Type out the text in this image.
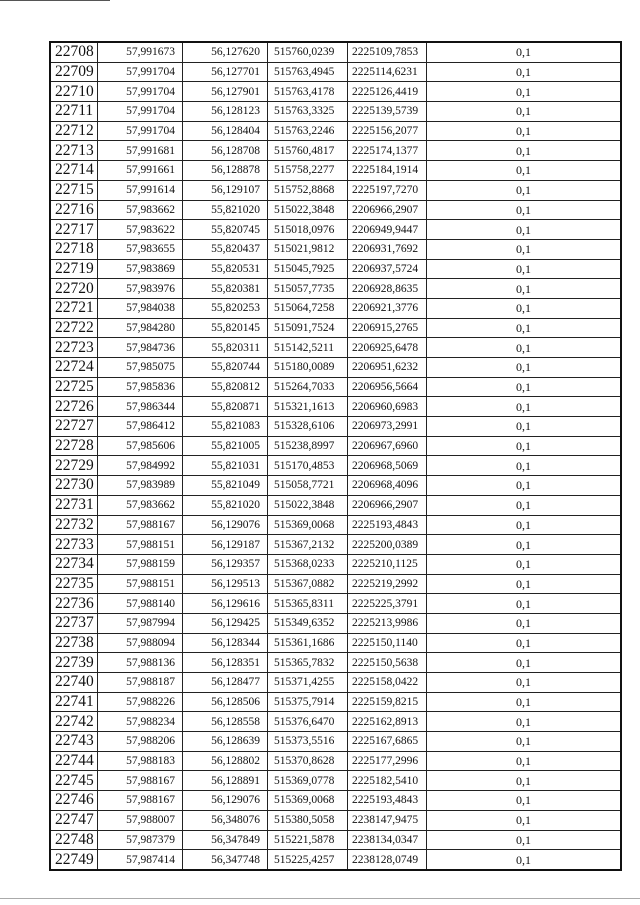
22708	57,991673	56,127620	515760,0239	2225109,7853	0,1
22709	57,991704	56,127701	515763,4945	2225114,6231	0,1
22710	57,991704	56,127901	515763,4178	2225126,4419	0,1
22711	57,991704	56,128123	515763,3325	2225139,5739	0,1
22712	57,991704	56,128404	515763,2246	2225156,2077	0,1
22713	57,991681	56,128708	515760,4817	2225174,1377	0,1
22714	57,991661	56,128878	515758,2277	2225184,1914	0,1
22715	57,991614	56,129107	515752,8868	2225197,7270	0,1
22716	57,983662	55,821020	515022,3848	2206966,2907	0,1
22717	57,983622	55,820745	515018,0976	2206949,9447	0,1
22718	57,983655	55,820437	515021,9812	2206931,7692	0,1
22719	57,983869	55,820531	515045,7925	2206937,5724	0,1
22720	57,983976	55,820381	515057,7735	2206928,8635	0,1
22721	57,984038	55,820253	515064,7258	2206921,3776	0,1
22722	57,984280	55,820145	515091,7524	2206915,2765	0,1
22723	57,984736	55,820311	515142,5211	2206925,6478	0,1
22724	57,985075	55,820744	515180,0089	2206951,6232	0,1
22725	57,985836	55,820812	515264,7033	2206956,5664	0,1
22726	57,986344	55,820871	515321,1613	2206960,6983	0,1
22727	57,986412	55,821083	515328,6106	2206973,2991	0,1
22728	57,985606	55,821005	515238,8997	2206967,6960	0,1
22729	57,984992	55,821031	515170,4853	2206968,5069	0,1
22730	57,983989	55,821049	515058,7721	2206968,4096	0,1
22731	57,983662	55,821020	515022,3848	2206966,2907	0,1
22732	57,988167	56,129076	515369,0068	2225193,4843	0,1
22733	57,988151	56,129187	515367,2132	2225200,0389	0,1
22734	57,988159	56,129357	515368,0233	2225210,1125	0,1
22735	57,988151	56,129513	515367,0882	2225219,2992	0,1
22736	57,988140	56,129616	515365,8311	2225225,3791	0,1
22737	57,987994	56,129425	515349,6352	2225213,9986	0,1
22738	57,988094	56,128344	515361,1686	2225150,1140	0,1
22739	57,988136	56,128351	515365,7832	2225150,5638	0,1
22740	57,988187	56,128477	515371,4255	2225158,0422	0,1
22741	57,988226	56,128506	515375,7914	2225159,8215	0,1
22742	57,988234	56,128558	515376,6470	2225162,8913	0,1
22743	57,988206	56,128639	515373,5516	2225167,6865	0,1
22744	57,988183	56,128802	515370,8628	2225177,2996	0,1
22745	57,988167	56,128891	515369,0778	2225182,5410	0,1
22746	57,988167	56,129076	515369,0068	2225193,4843	0,1
22747	57,988007	56,348076	515380,5058	2238147,9475	0,1
22748	57,987379	56,347849	515221,5878	2238134,0347	0,1
22749	57,987414	56,347748	515225,4257	2238128,0749	0,1
